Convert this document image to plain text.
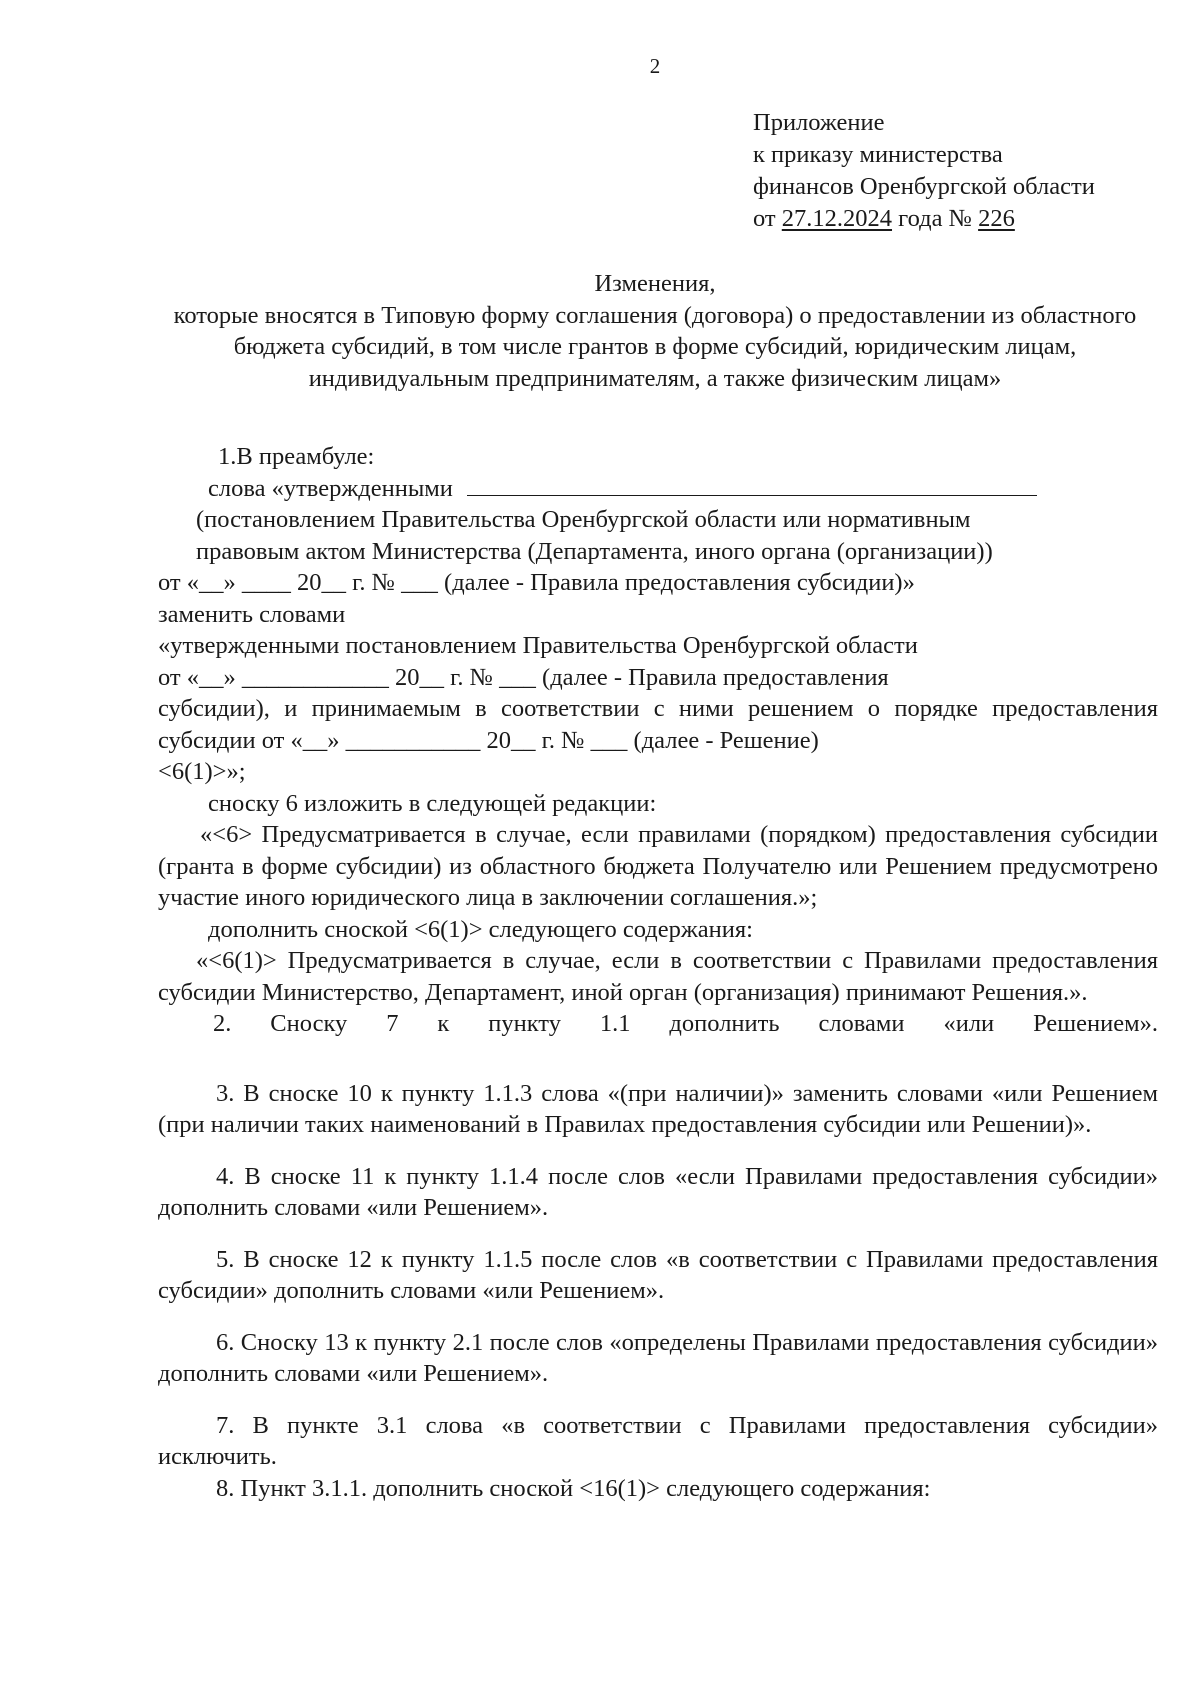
2
Приложение
к приказу министерства
финансов Оренбургской области
от 27.12.2024 года № 226
Изменения,
которые вносятся в Типовую форму соглашения (договора) о предоставлении из областного бюджета субсидий, в том числе грантов в форме субсидий, юридическим лицам, индивидуальным предпринимателям, а также физическим лицам»
1.В преамбуле:
слова «утвержденными
(постановлением Правительства Оренбургской области или нормативным
правовым актом Министерства (Департамента, иного органа (организации))
от «__» ____ 20__ г. № ___ (далее - Правила предоставления субсидии)»
заменить словами
«утвержденными постановлением Правительства Оренбургской области
от «__» ____________ 20__ г. № ___ (далее - Правила предоставления
субсидии), и принимаемым в соответствии с ними решением о порядке предоставления субсидии от «__» ___________ 20__ г. № ___ (далее - Решение)
<6(1)>»;
сноску 6 изложить в следующей редакции:
«<6> Предусматривается в случае, если правилами (порядком) предоставления субсидии (гранта в форме субсидии) из областного бюджета Получателю или Решением предусмотрено участие иного юридического лица в заключении соглашения.»;
дополнить сноской <6(1)> следующего содержания:
«<6(1)> Предусматривается в случае, если в соответствии с Правилами предоставления субсидии Министерство, Департамент, иной орган (организация) принимают Решения.».
2. Сноску 7 к пункту 1.1 дополнить словами «или Решением».
3. В сноске 10 к пункту 1.1.3 слова «(при наличии)» заменить словами «или Решением (при наличии таких наименований в Правилах предоставления субсидии или Решении)».
4. В сноске 11 к пункту 1.1.4 после слов «если Правилами предоставления субсидии» дополнить словами «или Решением».
5. В сноске 12 к пункту 1.1.5 после слов «в соответствии с Правилами предоставления субсидии» дополнить словами «или Решением».
6. Сноску 13 к пункту 2.1 после слов «определены Правилами предоставления субсидии» дополнить словами «или Решением».
7. В пункте 3.1 слова «в соответствии с Правилами предоставления субсидии» исключить.
8. Пункт 3.1.1. дополнить сноской <16(1)> следующего содержания:
